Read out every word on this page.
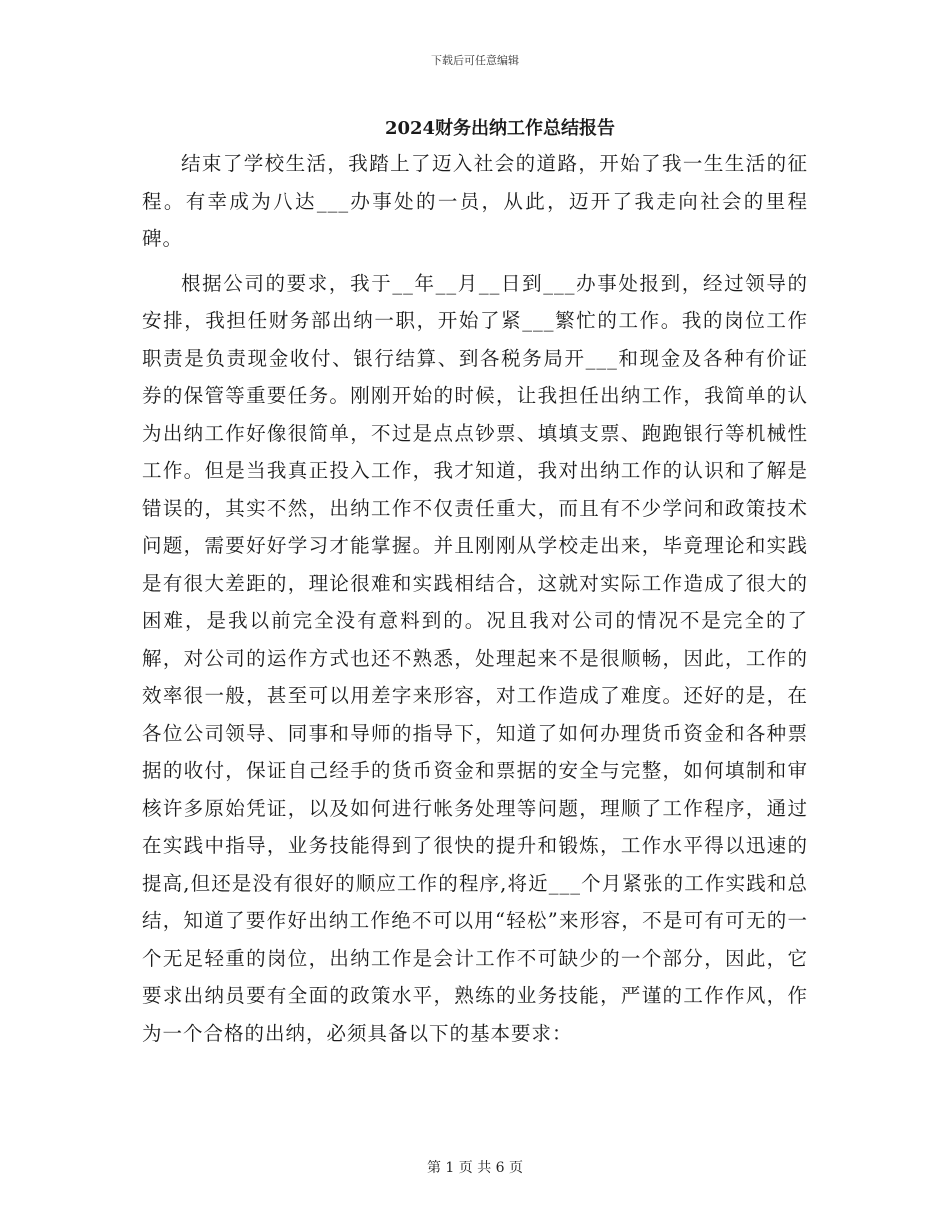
下载后可任意编辑
2024财务出纳工作总结报告

结束了学校生活，我踏上了迈入社会的道路，开始了我一生生活的征程。有幸成为八达___办事处的一员，从此，迈开了我走向社会的里程碑。

根据公司的要求，我于__年__月__日到___办事处报到，经过领导的安排，我担任财务部出纳一职，开始了紧___繁忙的工作。我的岗位工作职责是负责现金收付、银行结算、到各税务局开___和现金及各种有价证券的保管等重要任务。刚刚开始的时候，让我担任出纳工作，我简单的认为出纳工作好像很简单，不过是点点钞票、填填支票、跑跑银行等机械性工作。但是当我真正投入工作，我才知道，我对出纳工作的认识和了解是错误的，其实不然，出纳工作不仅责任重大，而且有不少学问和政策技术问题，需要好好学习才能掌握。并且刚刚从学校走出来，毕竟理论和实践是有很大差距的，理论很难和实践相结合，这就对实际工作造成了很大的困难，是我以前完全没有意料到的。况且我对公司的情况不是完全的了解，对公司的运作方式也还不熟悉，处理起来不是很顺畅，因此，工作的效率很一般，甚至可以用差字来形容，对工作造成了难度。还好的是，在各位公司领导、同事和导师的指导下，知道了如何办理货币资金和各种票据的收付，保证自己经手的货币资金和票据的安全与完整，如何填制和审核许多原始凭证，以及如何进行帐务处理等问题，理顺了工作程序，通过在实践中指导，业务技能得到了很快的提升和锻炼，工作水平得以迅速的提高,但还是没有很好的顺应工作的程序,将近___个月紧张的工作实践和总结，知道了要作好出纳工作绝不可以用“轻松”来形容，不是可有可无的一个无足轻重的岗位，出纳工作是会计工作不可缺少的一个部分，因此，它要求出纳员要有全面的政策水平，熟练的业务技能，严谨的工作作风，作为一个合格的出纳，必须具备以下的基本要求：

第 1 页 共 6 页
